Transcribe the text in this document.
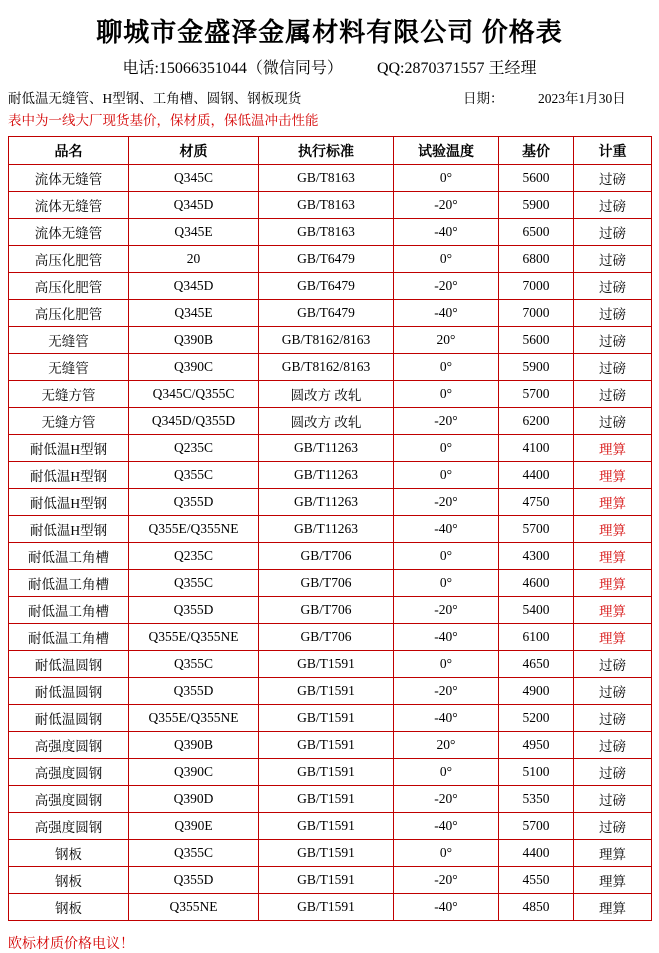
聊城市金盛泽金属材料有限公司 价格表
电话:15066351044（微信同号） QQ:2870371557 王经理
耐低温无缝管、H型钢、工角槽、圆钢、钢板现货	日期：	2023年1月30日
表中为一线大厂现货基价，保材质，保低温冲击性能
品名	材质	执行标准	试验温度	基价	计重
流体无缝管	Q345C	GB/T8163	0°	5600	过磅
流体无缝管	Q345D	GB/T8163	-20°	5900	过磅
流体无缝管	Q345E	GB/T8163	-40°	6500	过磅
高压化肥管	20	GB/T6479	0°	6800	过磅
高压化肥管	Q345D	GB/T6479	-20°	7000	过磅
高压化肥管	Q345E	GB/T6479	-40°	7000	过磅
无缝管	Q390B	GB/T8162/8163	20°	5600	过磅
无缝管	Q390C	GB/T8162/8163	0°	5900	过磅
无缝方管	Q345C/Q355C	圆改方 改轧	0°	5700	过磅
无缝方管	Q345D/Q355D	圆改方 改轧	-20°	6200	过磅
耐低温H型钢	Q235C	GB/T11263	0°	4100	理算
耐低温H型钢	Q355C	GB/T11263	0°	4400	理算
耐低温H型钢	Q355D	GB/T11263	-20°	4750	理算
耐低温H型钢	Q355E/Q355NE	GB/T11263	-40°	5700	理算
耐低温工角槽	Q235C	GB/T706	0°	4300	理算
耐低温工角槽	Q355C	GB/T706	0°	4600	理算
耐低温工角槽	Q355D	GB/T706	-20°	5400	理算
耐低温工角槽	Q355E/Q355NE	GB/T706	-40°	6100	理算
耐低温圆钢	Q355C	GB/T1591	0°	4650	过磅
耐低温圆钢	Q355D	GB/T1591	-20°	4900	过磅
耐低温圆钢	Q355E/Q355NE	GB/T1591	-40°	5200	过磅
高强度圆钢	Q390B	GB/T1591	20°	4950	过磅
高强度圆钢	Q390C	GB/T1591	0°	5100	过磅
高强度圆钢	Q390D	GB/T1591	-20°	5350	过磅
高强度圆钢	Q390E	GB/T1591	-40°	5700	过磅
钢板	Q355C	GB/T1591	0°	4400	理算
钢板	Q355D	GB/T1591	-20°	4550	理算
钢板	Q355NE	GB/T1591	-40°	4850	理算
欧标材质价格电议！
